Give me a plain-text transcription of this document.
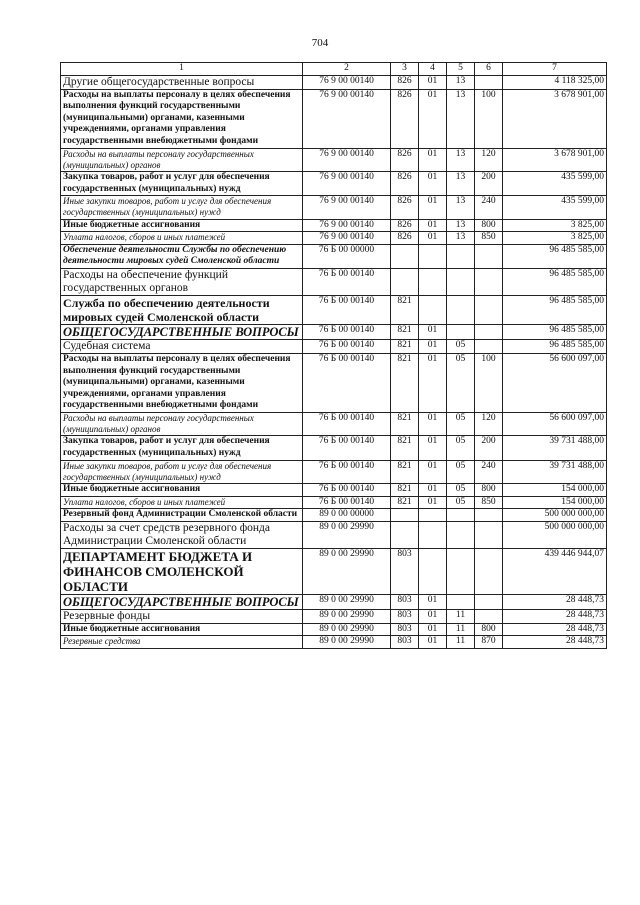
704
1	2	3	4	5	6	7
Другие общегосударственные вопросы	76 9 00 00140	826	01	13		4 118 325,00
Расходы на выплаты персоналу в целях обеспечения выполнения функций государственными (муниципальными) органами, казенными учреждениями, органами управления государственными внебюджетными фондами	76 9 00 00140	826	01	13	100	3 678 901,00
Расходы на выплаты персоналу государственных (муниципальных) органов	76 9 00 00140	826	01	13	120	3 678 901,00
Закупка товаров, работ и услуг для обеспечения государственных (муниципальных) нужд	76 9 00 00140	826	01	13	200	435 599,00
Иные закупки товаров, работ и услуг для обеспечения государственных (муниципальных) нужд	76 9 00 00140	826	01	13	240	435 599,00
Иные бюджетные ассигнования	76 9 00 00140	826	01	13	800	3 825,00
Уплата налогов, сборов и иных платежей	76 9 00 00140	826	01	13	850	3 825,00
Обеспечение деятельности Службы по обеспечению деятельности мировых судей Смоленской области	76 Б 00 00000					96 485 585,00
Расходы на обеспечение функций государственных органов	76 Б 00 00140					96 485 585,00
Служба по обеспечению деятельности мировых судей Смоленской области	76 Б 00 00140	821				96 485 585,00
ОБЩЕГОСУДАРСТВЕННЫЕ ВОПРОСЫ	76 Б 00 00140	821	01			96 485 585,00
Судебная система	76 Б 00 00140	821	01	05		96 485 585,00
Расходы на выплаты персоналу в целях обеспечения выполнения функций государственными (муниципальными) органами, казенными учреждениями, органами управления государственными внебюджетными фондами	76 Б 00 00140	821	01	05	100	56 600 097,00
Расходы на выплаты персоналу государственных (муниципальных) органов	76 Б 00 00140	821	01	05	120	56 600 097,00
Закупка товаров, работ и услуг для обеспечения государственных (муниципальных) нужд	76 Б 00 00140	821	01	05	200	39 731 488,00
Иные закупки товаров, работ и услуг для обеспечения государственных (муниципальных) нужд	76 Б 00 00140	821	01	05	240	39 731 488,00
Иные бюджетные ассигнования	76 Б 00 00140	821	01	05	800	154 000,00
Уплата налогов, сборов и иных платежей	76 Б 00 00140	821	01	05	850	154 000,00
Резервный фонд Администрации Смоленской области	89 0 00 00000					500 000 000,00
Расходы за счет средств резервного фонда Администрации Смоленской области	89 0 00 29990					500 000 000,00
ДЕПАРТАМЕНТ БЮДЖЕТА И ФИНАНСОВ СМОЛЕНСКОЙ ОБЛАСТИ	89 0 00 29990	803				439 446 944,07
ОБЩЕГОСУДАРСТВЕННЫЕ ВОПРОСЫ	89 0 00 29990	803	01			28 448,73
Резервные фонды	89 0 00 29990	803	01	11		28 448,73
Иные бюджетные ассигнования	89 0 00 29990	803	01	11	800	28 448,73
Резервные средства	89 0 00 29990	803	01	11	870	28 448,73
